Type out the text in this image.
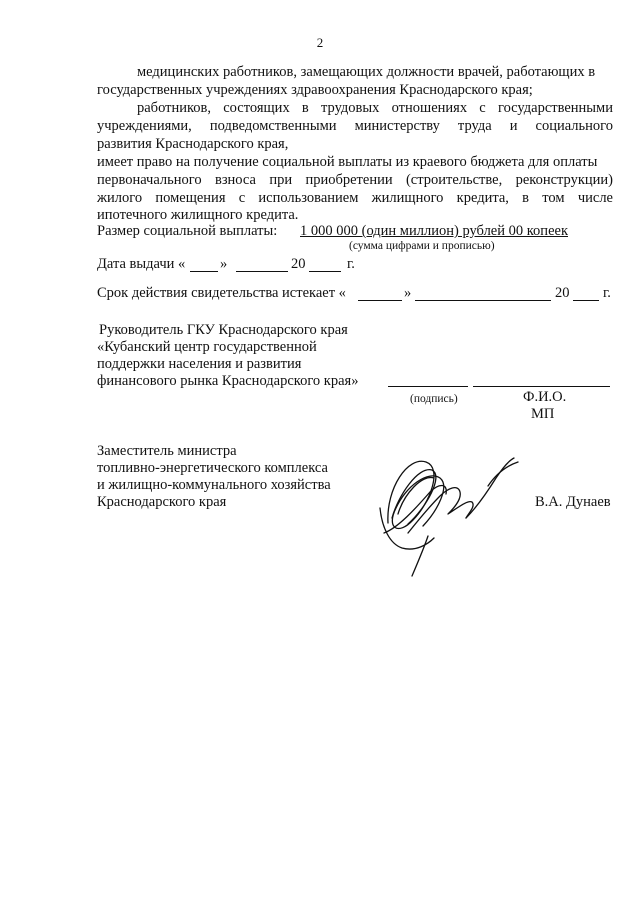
2
медицинских работников, замещающих должности врачей, работающих в
государственных учреждениях здравоохранения Краснодарского края;
работников, состоящих в трудовых отношениях с государственными
учреждениями, подведомственными министерству труда и социального
развития Краснодарского края,
имеет право на получение социальной выплаты из краевого бюджета для оплаты
первоначального взноса при приобретении (строительстве, реконструкции)
жилого помещения с использованием жилищного кредита, в том числе
ипотечного жилищного кредита.
Размер социальной выплаты: 1 000 000 (один миллион) рублей 00 копеек
(сумма цифрами и прописью)
Дата выдачи « »	20	г.
Срок действия свидетельства истекает «	»	20 г.
Руководитель ГКУ Краснодарского края
«Кубанский центр государственной
поддержки населения и развития
финансового рынка Краснодарского края»
(подпись)	Ф.И.О.
МП
Заместитель министра
топливно-энергетического комплекса
и жилищно-коммунального хозяйства
Краснодарского края	В.А. Дунаев
